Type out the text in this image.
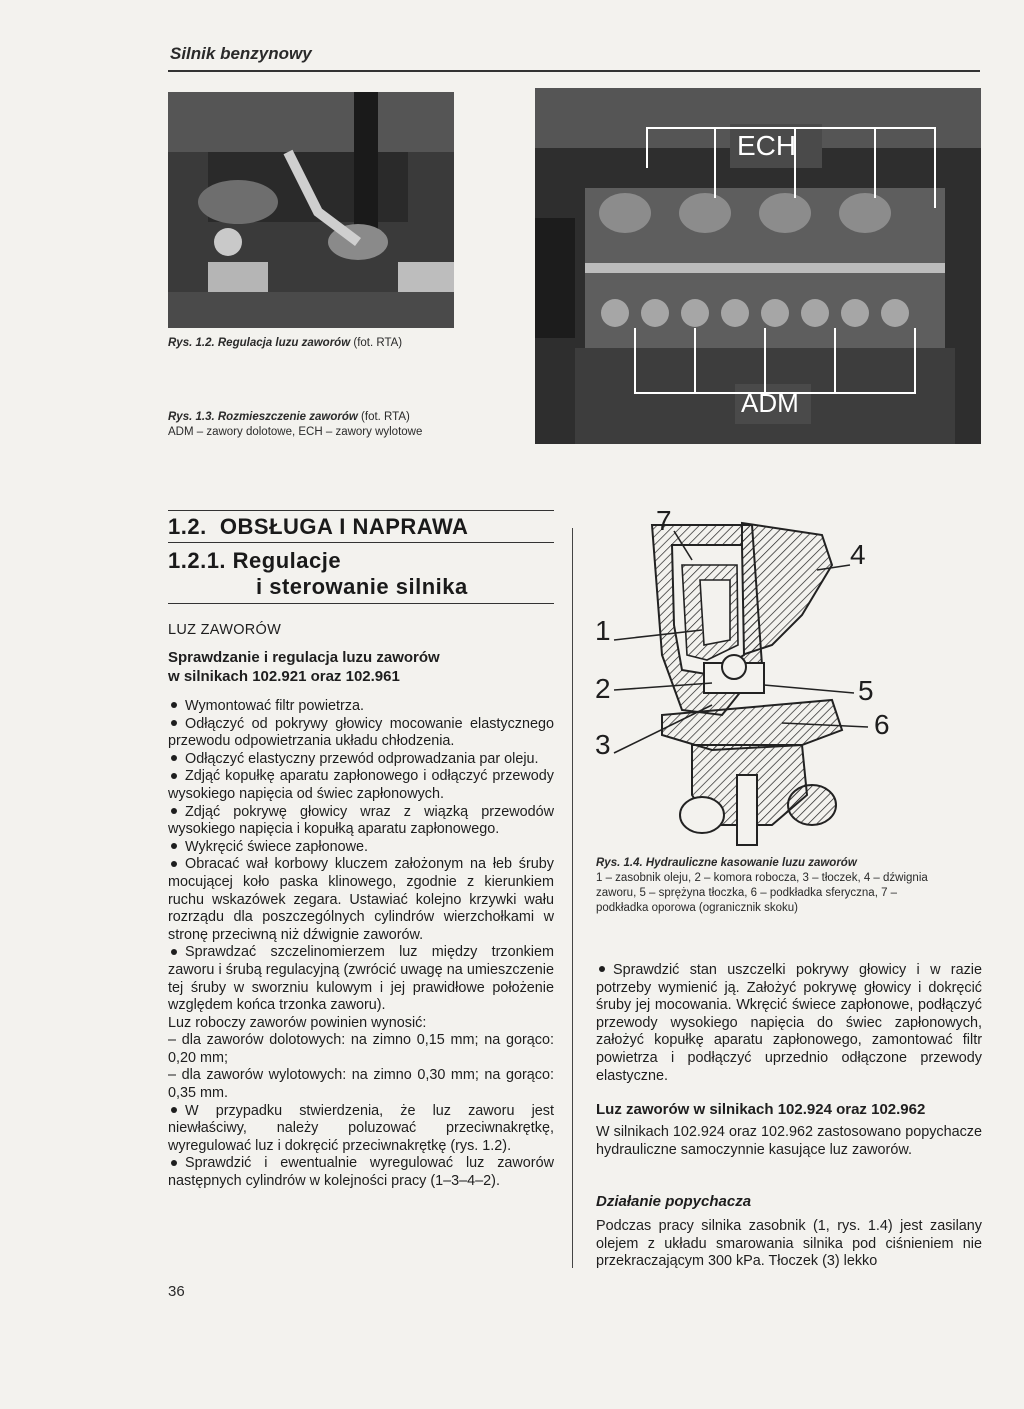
Silnik benzynowy
ECH
ADM
Rys. 1.2. Regulacja luzu zaworów (fot. RTA)
Rys. 1.3. Rozmieszczenie zaworów (fot. RTA)
ADM – zawory dolotowe, ECH – zawory wylotowe
1.2.  OBSŁUGA I NAPRAWA
1.2.1. Regulacje
i sterowanie silnika
LUZ ZAWORÓW
Sprawdzanie i regulacja luzu zaworów
w silnikach 102.921 oraz 102.961

Wymontować filtr powietrza.

Odłączyć od pokrywy głowicy mocowanie elastycznego przewodu odpowietrzania układu chłodzenia.

Odłączyć elastyczny przewód odprowadzania par oleju.

Zdjąć kopułkę aparatu zapłonowego i odłączyć przewody wysokiego napięcia od świec zapłonowych.

Zdjąć pokrywę głowicy wraz z wiązką przewodów wysokiego napięcia i kopułką aparatu zapłonowego.

Wykręcić świece zapłonowe.

Obracać wał korbowy kluczem założonym na łeb śruby mocującej koło paska klinowego, zgodnie z kierunkiem ruchu wskazówek zegara. Ustawiać kolejno krzywki wału rozrządu dla poszczególnych cylindrów wierzchołkami w stronę przeciwną niż dźwignie zaworów.

Sprawdzać szczelinomierzem luz między trzonkiem zaworu i śrubą regulacyjną (zwrócić uwagę na umieszczenie tej śruby w sworzniu kulowym i jej prawidłowe położenie względem końca trzonka zaworu).

Luz roboczy zaworów powinien wynosić:

– dla zaworów dolotowych: na zimno 0,15 mm; na gorąco: 0,20 mm;

– dla zaworów wylotowych: na zimno 0,30 mm; na gorąco: 0,35 mm.

W przypadku stwierdzenia, że luz zaworu jest niewłaściwy, należy poluzować przeciwnakrętkę, wyregulować luz i dokręcić przeciwnakrętkę (rys. 1.2).

Sprawdzić i ewentualnie wyregulować luz zaworów następnych cylindrów w kolejności pracy (1–3–4–2).

1
2
3
4
5
6
7
Rys. 1.4. Hydrauliczne kasowanie luzu zaworów
1 – zasobnik oleju, 2 – komora robocza, 3 – tłoczek, 4 – dźwignia zaworu, 5 – sprężyna tłoczka, 6 – podkładka sferyczna, 7 – podkładka oporowa (ogranicznik skoku)

Sprawdzić stan uszczelki pokrywy głowicy i w razie potrzeby wymienić ją. Założyć pokrywę głowicy i dokręcić śruby jej mocowania. Wkręcić świece zapłonowe, podłączyć przewody wysokiego napięcia do świec zapłonowych, założyć kopułkę aparatu zapłonowego, zamontować filtr powietrza i podłączyć uprzednio odłączone przewody elastyczne.

Luz zaworów w silnikach 102.924 oraz 102.962
W silnikach 102.924 oraz 102.962 zastosowano popychacze hydrauliczne samoczynnie kasujące luz zaworów.
Działanie popychacza
Podczas pracy silnika zasobnik (1, rys. 1.4) jest zasilany olejem z układu smarowania silnika pod ciśnieniem nie przekraczającym 300 kPa. Tłoczek (3) lekko
36
